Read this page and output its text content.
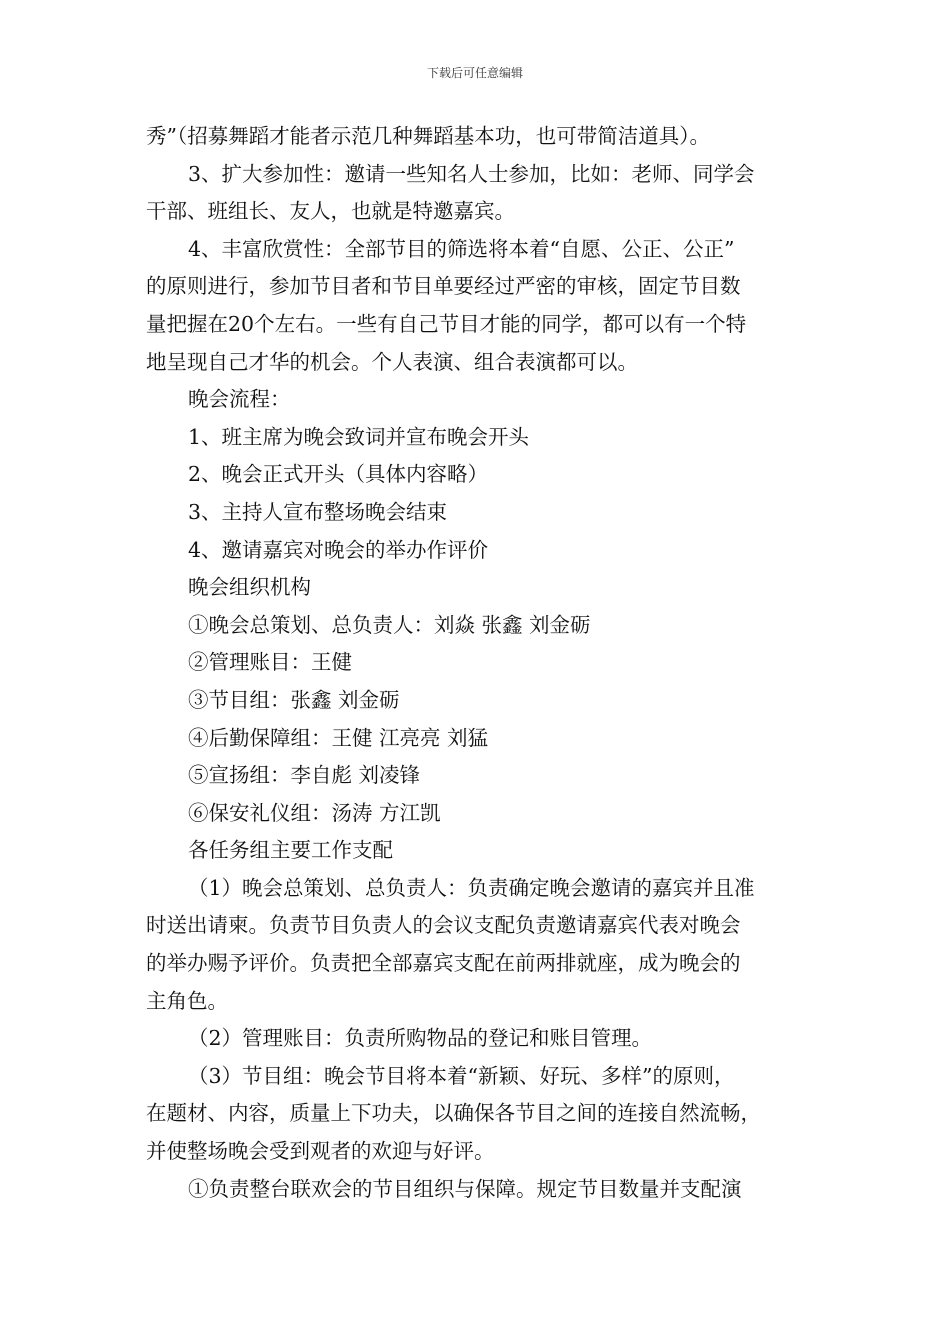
下载后可任意编辑
秀”（招募舞蹈才能者示范几种舞蹈基本功，也可带简洁道具）。
3、扩大参加性：邀请一些知名人士参加，比如：老师、同学会
干部、班组长、友人，也就是特邀嘉宾。
4、丰富欣赏性：全部节目的筛选将本着“自愿、公正、公正”
的原则进行，参加节目者和节目单要经过严密的审核，固定节目数
量把握在20个左右。一些有自己节目才能的同学，都可以有一个特
地呈现自己才华的机会。个人表演、组合表演都可以。
晚会流程：
1、班主席为晚会致词并宣布晚会开头
2、晚会正式开头（具体内容略）
3、主持人宣布整场晚会结束
4、邀请嘉宾对晚会的举办作评价
晚会组织机构
①晚会总策划、总负责人：刘焱 张鑫 刘金砺
②管理账目：王健
③节目组：张鑫 刘金砺
④后勤保障组：王健 江亮亮 刘猛
⑤宣扬组：李自彪 刘凌锋
⑥保安礼仪组：汤涛 方江凯
各任务组主要工作支配
（1）晚会总策划、总负责人：负责确定晚会邀请的嘉宾并且准
时送出请柬。负责节目负责人的会议支配负责邀请嘉宾代表对晚会
的举办赐予评价。负责把全部嘉宾支配在前两排就座，成为晚会的
主角色。
（2）管理账目：负责所购物品的登记和账目管理。
（3）节目组：晚会节目将本着“新颖、好玩、多样”的原则，
在题材、内容，质量上下功夫，以确保各节目之间的连接自然流畅，
并使整场晚会受到观者的欢迎与好评。
①负责整台联欢会的节目组织与保障。规定节目数量并支配演
